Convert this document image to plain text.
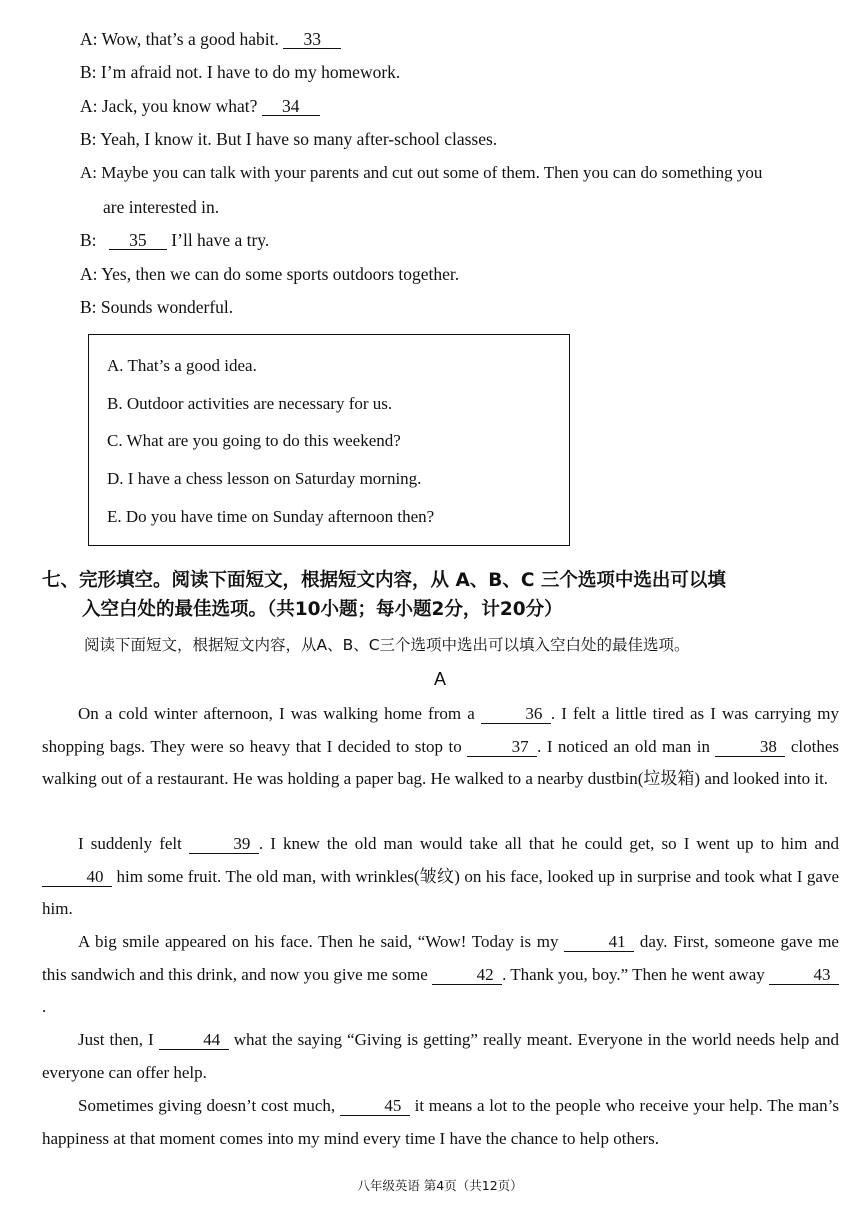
A: Wow, that’s a good habit. 33
B: I’m afraid not. I have to do my homework.
A: Jack, you know what? 34
B: Yeah, I know it. But I have so many after-school classes.
A: Maybe you can talk with your parents and cut out some of them. Then you can do something you
are interested in.
B: 35 I’ll have a try.
A: Yes, then we can do some sports outdoors together.
B: Sounds wonderful.
A. That’s a good idea.
B. Outdoor activities are necessary for us.
C. What are you going to do this weekend?
D. I have a chess lesson on Saturday morning.
E. Do you have time on Sunday afternoon then?
七、完形填空。阅读下面短文，根据短文内容，从 A、B、C 三个选项中选出可以填
入空白处的最佳选项。（共10小题；每小题2分，计20分）
阅读下面短文，根据短文内容，从A、B、C三个选项中选出可以填入空白处的最佳选项。
A
On a cold winter afternoon, I was walking home from a	36 . I felt a little tired as I was carrying my shopping bags. They were so heavy that I decided to stop to	37 . I noticed an old man in	38 clothes walking out of a restaurant. He was holding a paper bag. He walked to a nearby dustbin(垃圾箱) and looked into it.
I suddenly felt	39 . I knew the old man would take all that he could get, so I went up to him and 40 him some fruit. The old man, with wrinkles(皱纹) on his face, looked up in surprise and took what I gave him.
A big smile appeared on his face. Then he said, “Wow! Today is my	41 day. First, someone gave me this sandwich and this drink, and now you give me some	42 . Thank you, boy.” Then he went away	43.
Just then, I	44 what the saying “Giving is getting” really meant. Everyone in the world needs help and everyone can offer help.
Sometimes giving doesn’t cost much,	45 it means a lot to the people who receive your help. The man’s happiness at that moment comes into my mind every time I have the chance to help others.
八年级英语 第4页（共12页）
